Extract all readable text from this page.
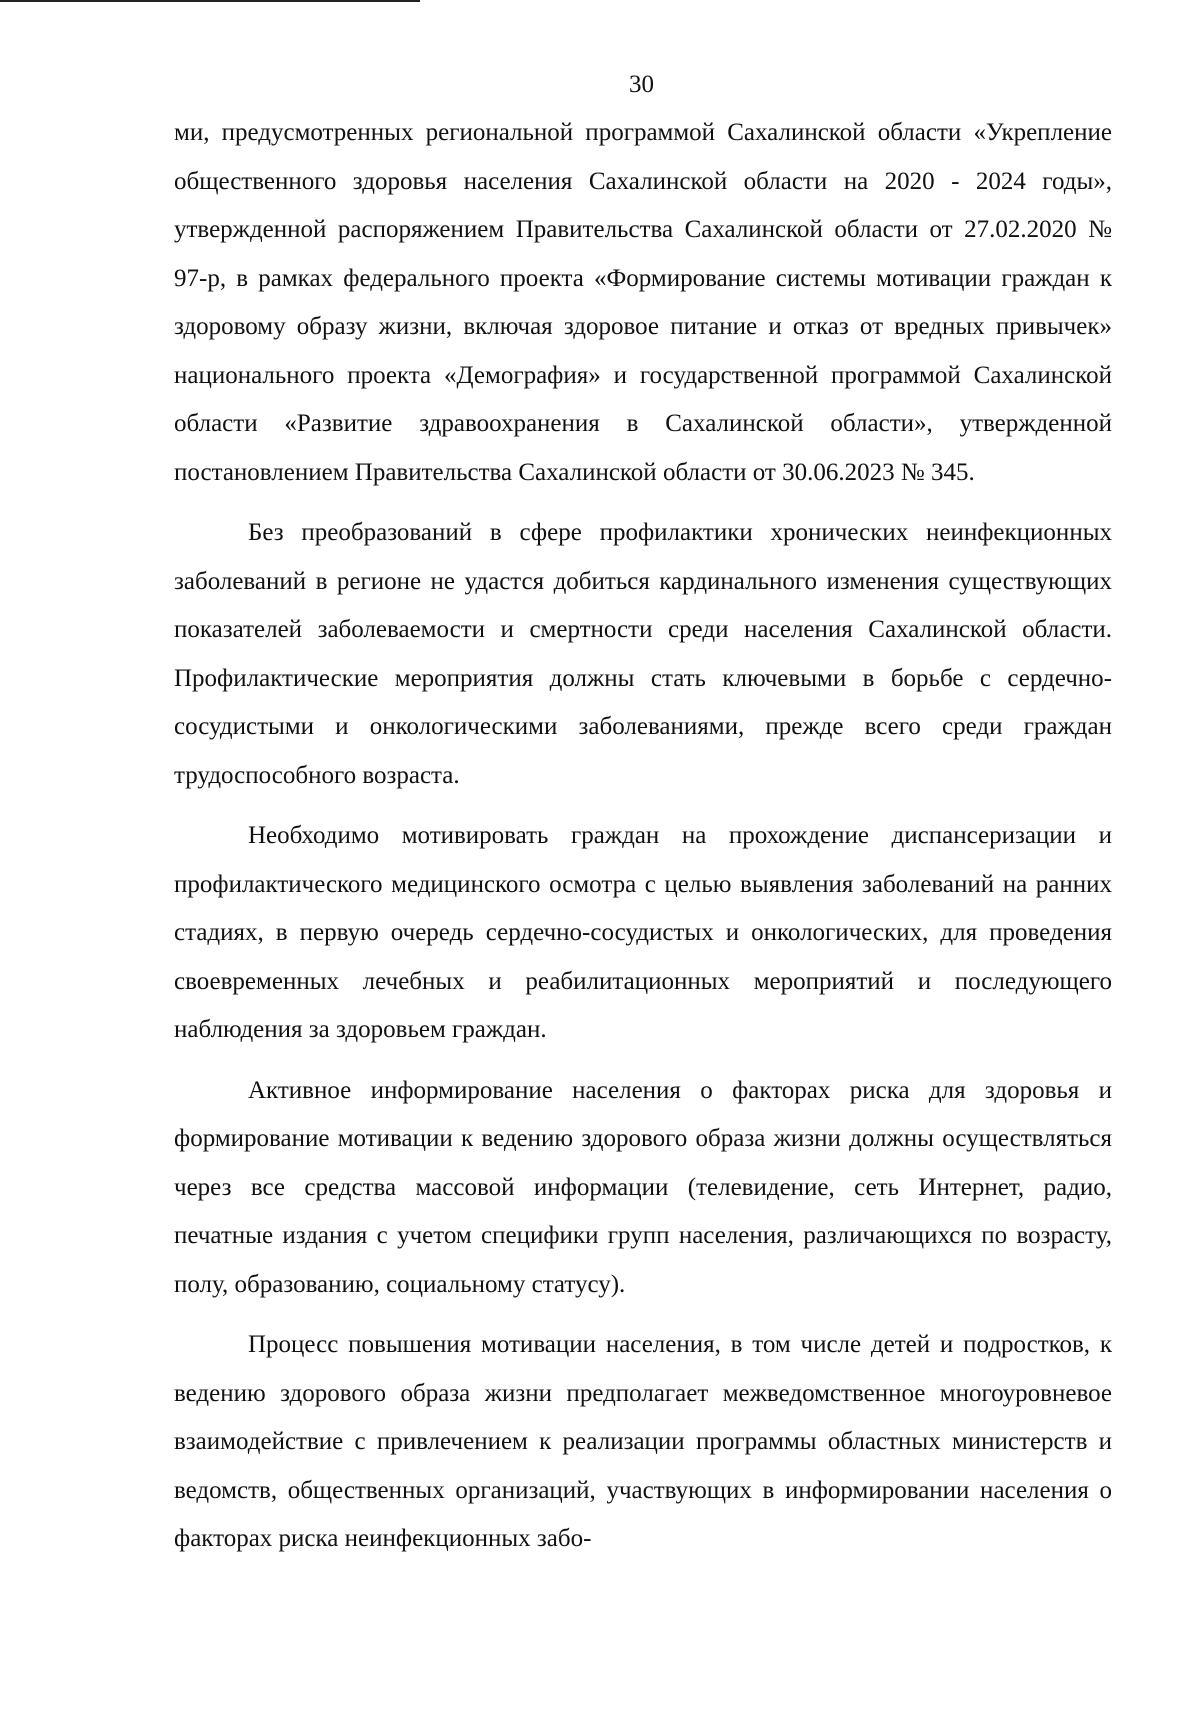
30

ми, предусмотренных региональной программой Сахалинской области «Укрепление общественного здоровья населения Сахалинской области на 2020 - 2024 годы», утвержденной распоряжением Правительства Сахалинской области от 27.02.2020 № 97-р, в рамках федерального проекта «Формирование системы мотивации граждан к здоровому образу жизни, включая здоровое питание и отказ от вредных привычек» национального проекта «Демография» и государственной программой Сахалинской области «Развитие здравоохранения в Сахалинской области», утвержденной постановлением Правительства Сахалинской области от 30.06.2023 № 345.

Без преобразований в сфере профилактики хронических неинфекционных заболеваний в регионе не удастся добиться кардинального изменения существующих показателей заболеваемости и смертности среди населения Сахалинской области. Профилактические мероприятия должны стать ключевыми в борьбе с сердечно-сосудистыми и онкологическими заболеваниями, прежде всего среди граждан трудоспособного возраста.

Необходимо мотивировать граждан на прохождение диспансеризации и профилактического медицинского осмотра с целью выявления заболеваний на ранних стадиях, в первую очередь сердечно-сосудистых и онкологических, для проведения своевременных лечебных и реабилитационных мероприятий и последующего наблюдения за здоровьем граждан.

Активное информирование населения о факторах риска для здоровья и формирование мотивации к ведению здорового образа жизни должны осуществляться через все средства массовой информации (телевидение, сеть Интернет, радио, печатные издания с учетом специфики групп населения, различающихся по возрасту, полу, образованию, социальному статусу).

Процесс повышения мотивации населения, в том числе детей и подростков, к ведению здорового образа жизни предполагает межведомственное многоуровневое взаимодействие с привлечением к реализации программы областных министерств и ведомств, общественных организаций, участвующих в информировании населения о факторах риска неинфекционных забо-
